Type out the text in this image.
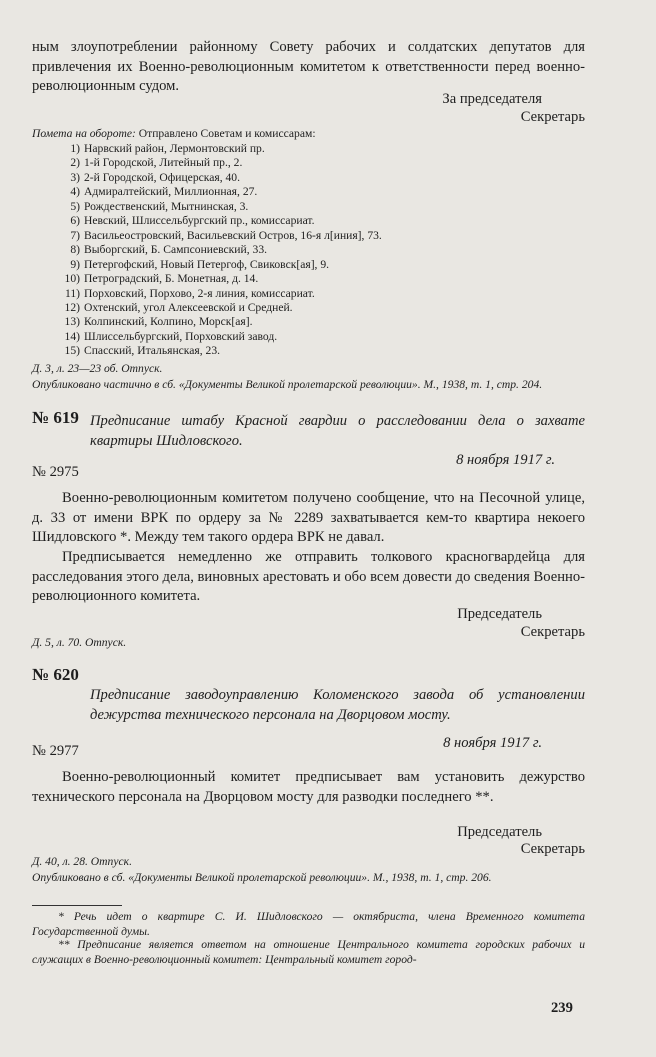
ным злоупотреблении районному Совету рабочих и солдатских депутатов для привлечения их Военно-революционным комитетом к ответственности перед военно-революционным судом.
За председателя
Секретарь
Помета на обороте: Отправлено Советам и комиссарам:
1) Нарвский район, Лермонтовский пр.
2) 1-й Городской, Литейный пр., 2.
3) 2-й Городской, Офицерская, 40.
4) Адмиралтейский, Миллионная, 27.
5) Рождественский, Мытнинская, 3.
6) Невский, Шлиссельбургский пр., комиссариат.
7) Васильеостровский, Васильевский Остров, 16-я л[иния], 73.
8) Выборгский, Б. Сампсониевский, 33.
9) Петергофский, Новый Петергоф, Свиковск[ая], 9.
10) Петроградский, Б. Монетная, д. 14.
11) Порховский, Порхово, 2-я линия, комиссариат.
12) Охтенский, угол Алексеевской и Средней.
13) Колпинский, Колпино, Морск[ая].
14) Шлиссельбургский, Порховский завод.
15) Спасский, Итальянская, 23.
Д. 3, л. 23—23 об. Отпуск.
Опубликовано частично в сб. «Документы Великой пролетарской революции». М., 1938, т. 1, стр. 204.
№ 619 Предписание штабу Красной гвардии о расследовании дела о захвате квартиры Шидловского.
8 ноября 1917 г.
№ 2975
Военно-революционным комитетом получено сообщение, что на Песочной улице, д. 33 от имени ВРК по ордеру за № 2289 захватывается кем-то квартира некоего Шидловского *. Между тем такого ордера ВРК не давал.
Предписывается немедленно же отправить толкового красногвардейца для расследования этого дела, виновных арестовать и обо всем довести до сведения Военно-революционного комитета.
Председатель
Секретарь
Д. 5, л. 70. Отпуск.
№ 620
Предписание заводоуправлению Коломенского завода об установлении дежурства технического персонала на Дворцовом мосту.
8 ноября 1917 г.
№ 2977
Военно-революционный комитет предписывает вам установить дежурство технического персонала на Дворцовом мосту для разводки последнего **.
Председатель
Секретарь
Д. 40, л. 28. Отпуск.
Опубликовано в сб. «Документы Великой пролетарской революции». М., 1938, т. 1, стр. 206.
* Речь идет о квартире С. И. Шидловского — октябриста, члена Временного комитета Государственной думы.
** Предписание является ответом на отношение Центрального комитета городских рабочих и служащих в Военно-революционный комитет: Центральный комитет город-
239
